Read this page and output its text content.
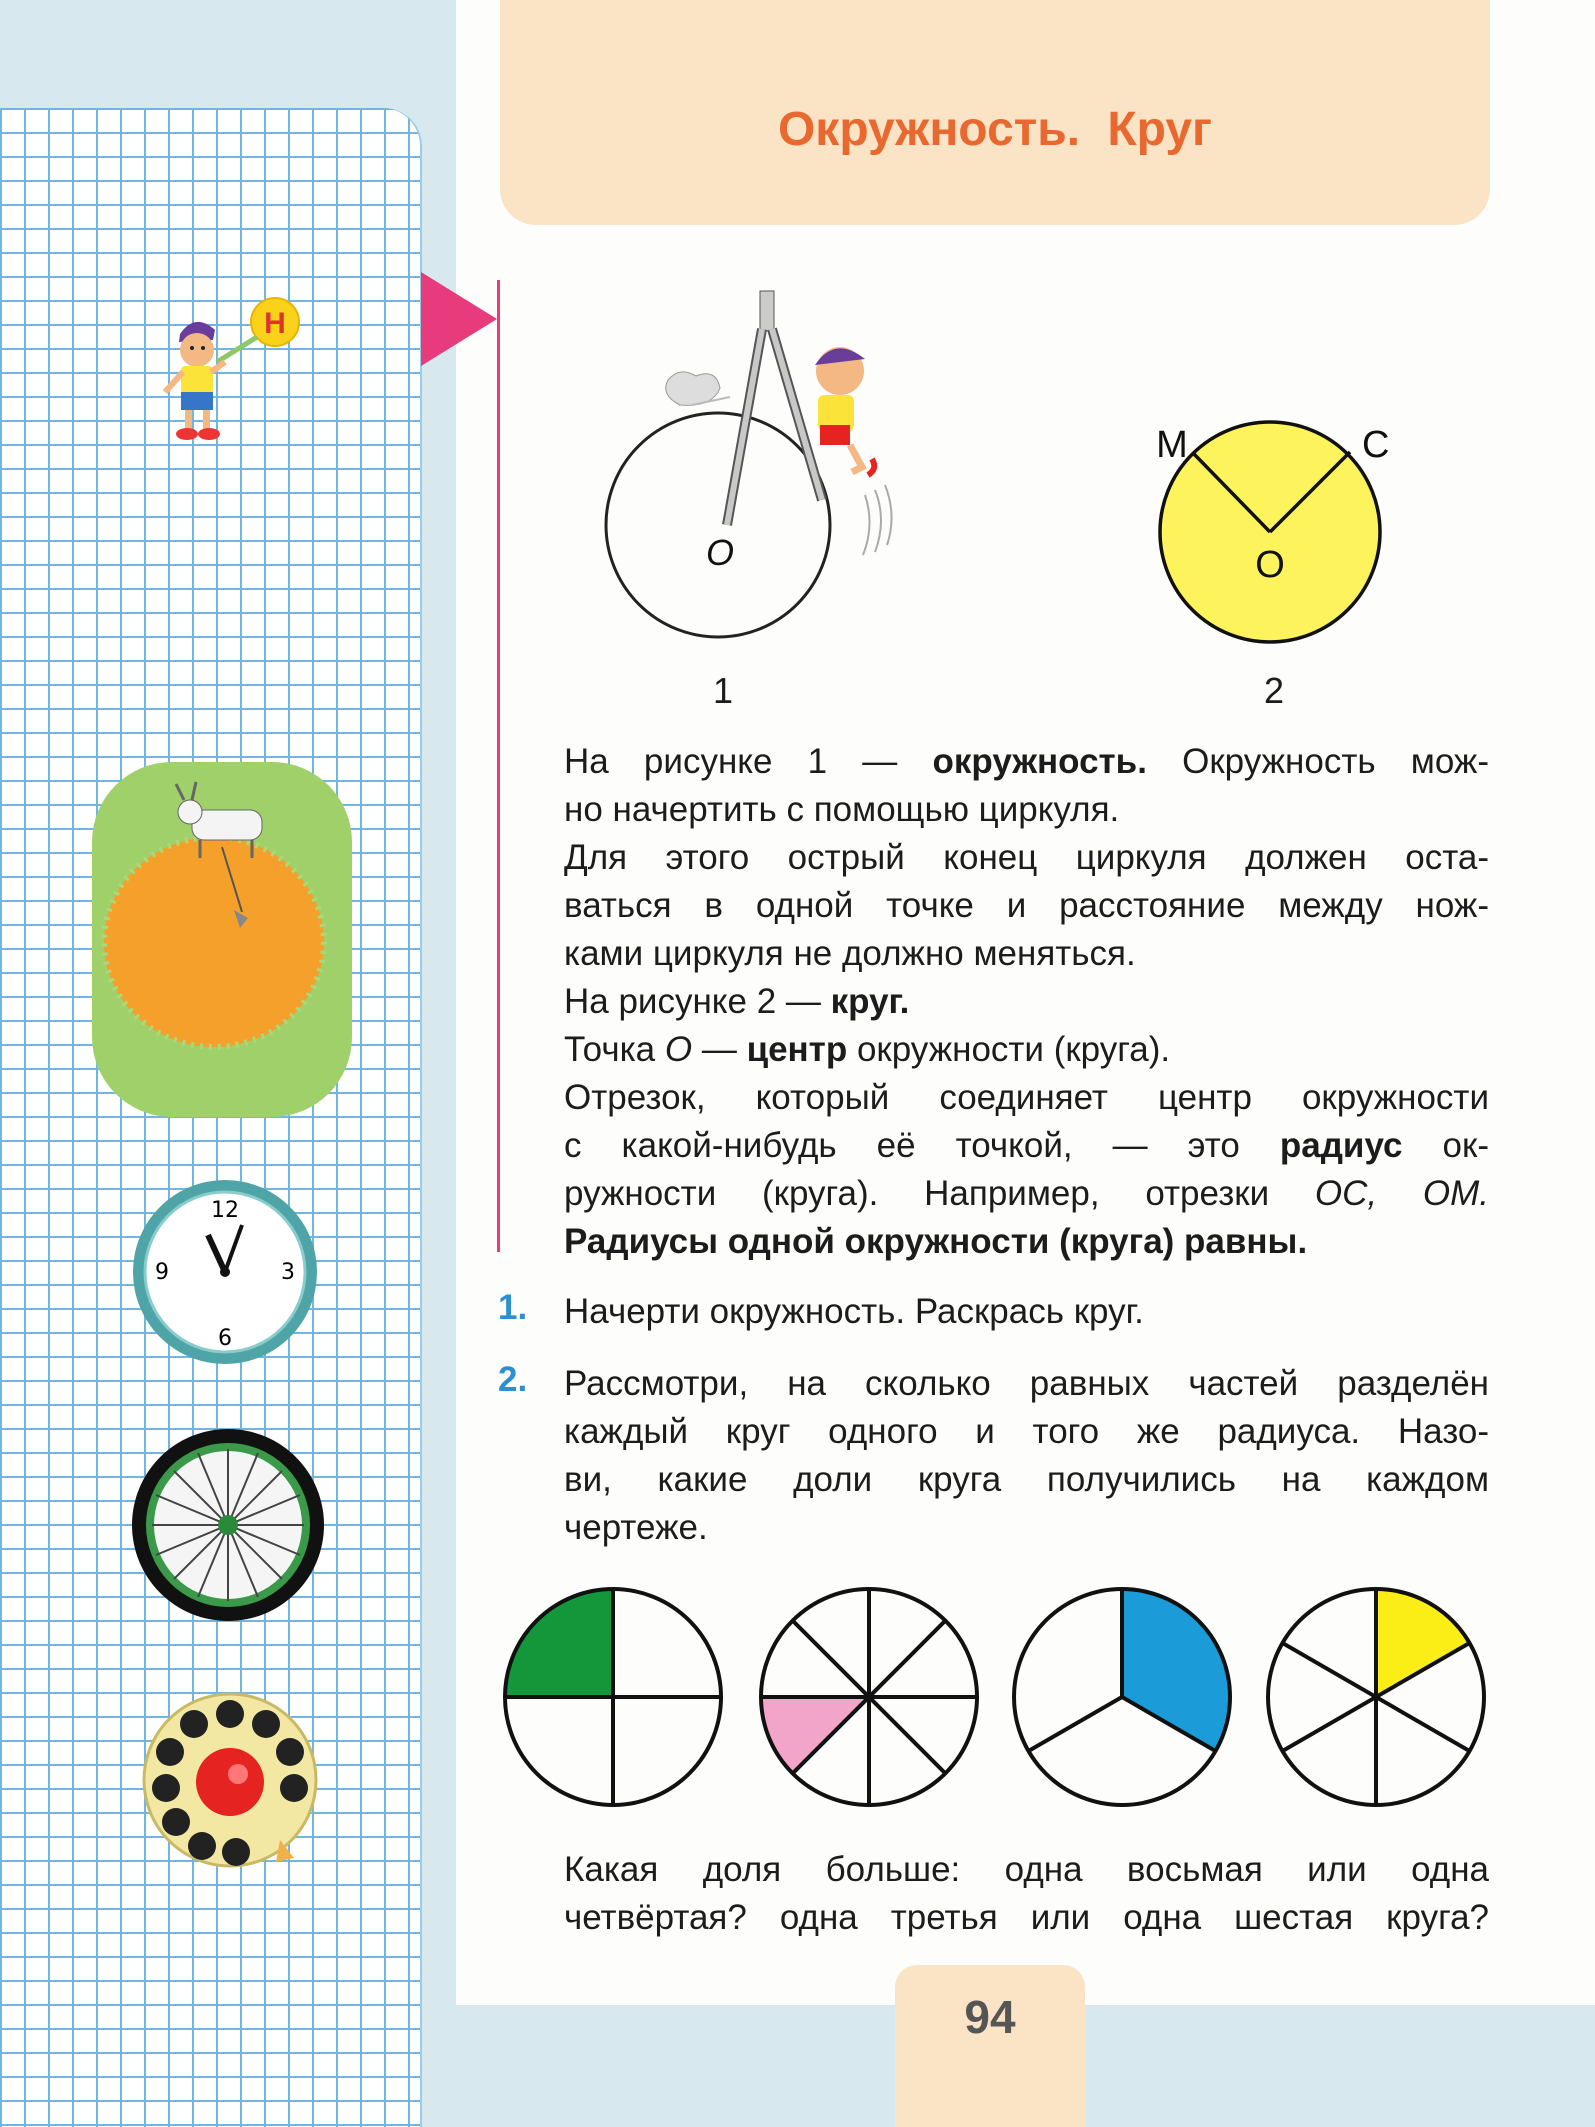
Окружность. Круг
Н
12
3
6
9
O
1
M	C
O
2

На рисунке 1 — окружность. Окружность мож-

но начертить с помощью циркуля.

Для этого острый конец циркуля должен оста-

ваться в одной точке и расстояние между нож-

ками циркуля не должно меняться.

На рисунке 2 — круг.

Точка O — центр окружности (круга).

Отрезок, который соединяет центр окружности

с какой-нибудь её точкой, — это радиус ок-

ружности (круга). Например, отрезки ОС, ОМ.

Радиусы одной окружности (круга) равны.

1. Начерти окружность. Раскрась круг.

2. Рассмотри, на сколько равных частей разделён

каждый круг одного и того же радиуса. Назо-

ви, какие доли круга получились на каждом

чертеже.

Какая доля больше: одна восьмая или одна

четвёртая? одна третья или одна шестая круга?

94
